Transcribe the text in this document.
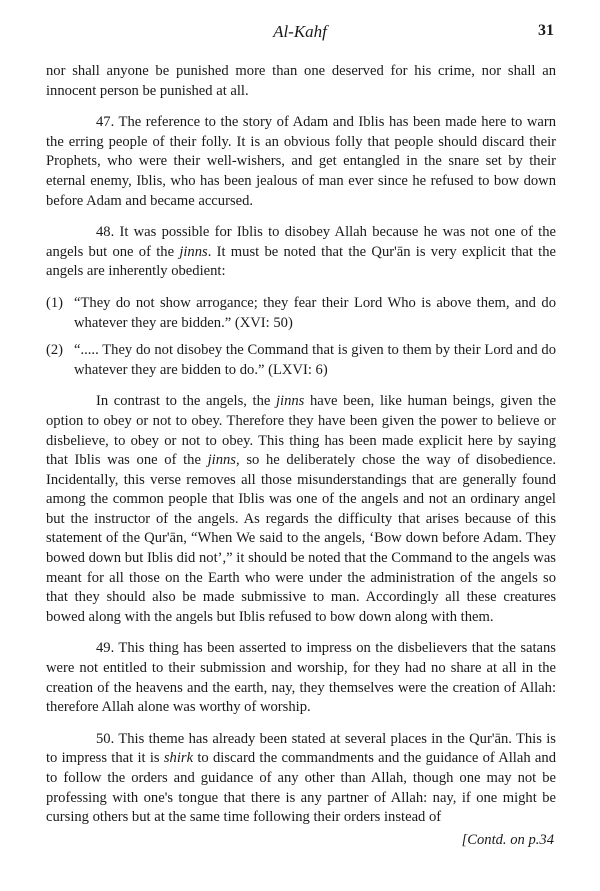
Al-Kahf	31

nor shall anyone be punished more than one deserved for his crime, nor shall an innocent person be punished at all.

47. The reference to the story of Adam and Iblis has been made here to warn the erring people of their folly. It is an obvious folly that people should discard their Prophets, who were their well-wishers, and get entangled in the snare set by their eternal enemy, Iblis, who has been jealous of man ever since he refused to bow down before Adam and became accursed.

48. It was possible for Iblis to disobey Allah because he was not one of the angels but one of the jinns. It must be noted that the Qur'ān is very explicit that the angels are inherently obedient:

(1) “They do not show arrogance; they fear their Lord Who is above them, and do whatever they are bidden.” (XVI: 50)
(2) “..... They do not disobey the Command that is given to them by their Lord and do whatever they are bidden to do.” (LXVI: 6)

In contrast to the angels, the jinns have been, like human beings, given the option to obey or not to obey. Therefore they have been given the power to believe or disbelieve, to obey or not to obey. This thing has been made explicit here by saying that Iblis was one of the jinns, so he deliberately chose the way of disobedience. Incidentally, this verse removes all those misunderstandings that are generally found among the common people that Iblis was one of the angels and not an ordinary angel but the instructor of the angels. As regards the difficulty that arises because of this statement of the Qur'ān, “When We said to the angels, ‘Bow down before Adam. They bowed down but Iblis did not’,” it should be noted that the Command to the angels was meant for all those on the Earth who were under the administration of the angels so that they should also be made submissive to man. Accordingly all these creatures bowed along with the angels but Iblis refused to bow down along with them.

49. This thing has been asserted to impress on the disbelievers that the satans were not entitled to their submission and worship, for they had no share at all in the creation of the heavens and the earth, nay, they themselves were the creation of Allah: therefore Allah alone was worthy of worship.

50. This theme has already been stated at several places in the Qur'ān. This is to impress that it is shirk to discard the commandments and the guidance of Allah and to follow the orders and guidance of any other than Allah, though one may not be professing with one's tongue that there is any partner of Allah: nay, if one might be cursing others but at the same time following their orders instead of

[Contd. on p.34
